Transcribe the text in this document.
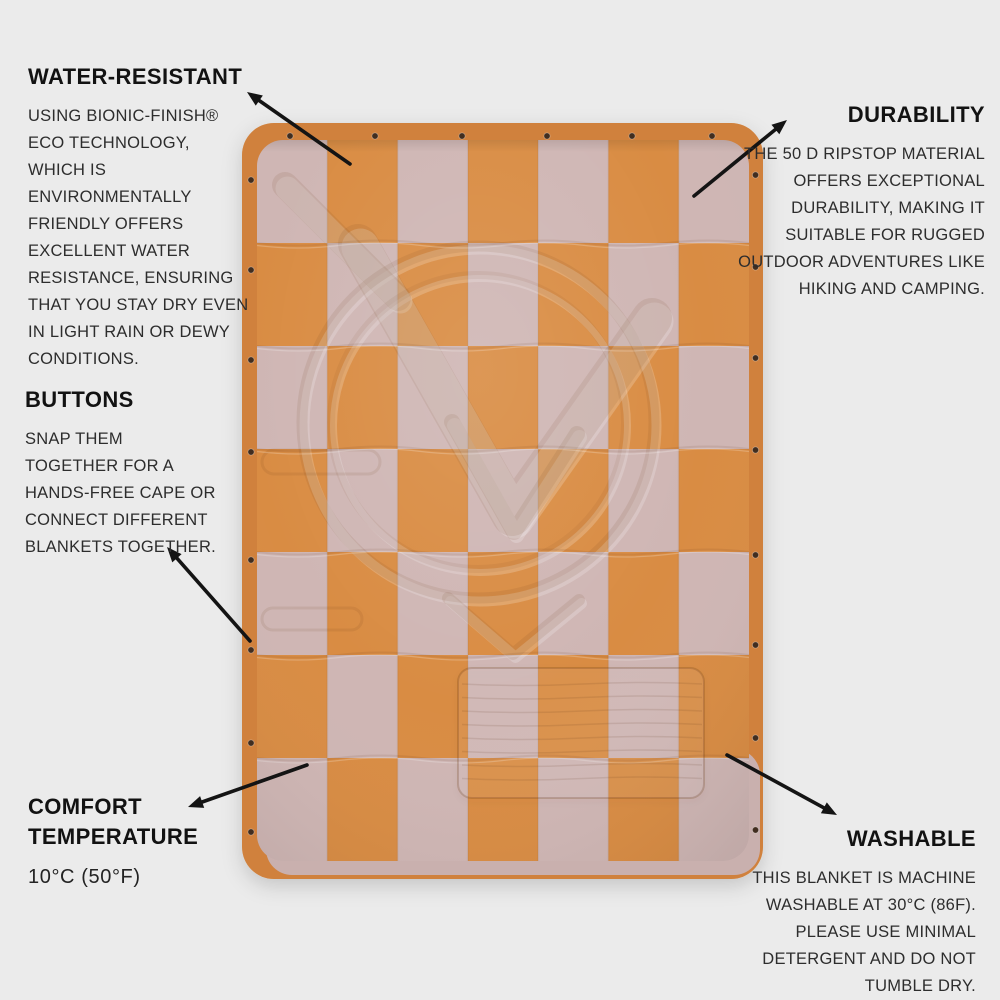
WATER-RESISTANT

USING BIONIC-FINISH® ECO TECHNOLOGY, WHICH IS ENVIRONMENTALLY FRIENDLY OFFERS EXCELLENT WATER RESISTANCE, ENSURING THAT YOU STAY DRY EVEN IN LIGHT RAIN OR DEWY CONDITIONS.

DURABILITY

THE 50 D RIPSTOP MATERIAL OFFERS EXCEPTIONAL DURABILITY, MAKING IT SUITABLE FOR RUGGED OUTDOOR ADVENTURES LIKE HIKING AND CAMPING.

BUTTONS

SNAP THEM TOGETHER FOR A HANDS-FREE CAPE OR CONNECT DIFFERENT BLANKETS TOGETHER.

COMFORT TEMPERATURE

10°C (50°F)

WASHABLE

THIS BLANKET IS MACHINE WASHABLE AT 30°C (86F). PLEASE USE MINIMAL DETERGENT AND DO NOT TUMBLE DRY.
